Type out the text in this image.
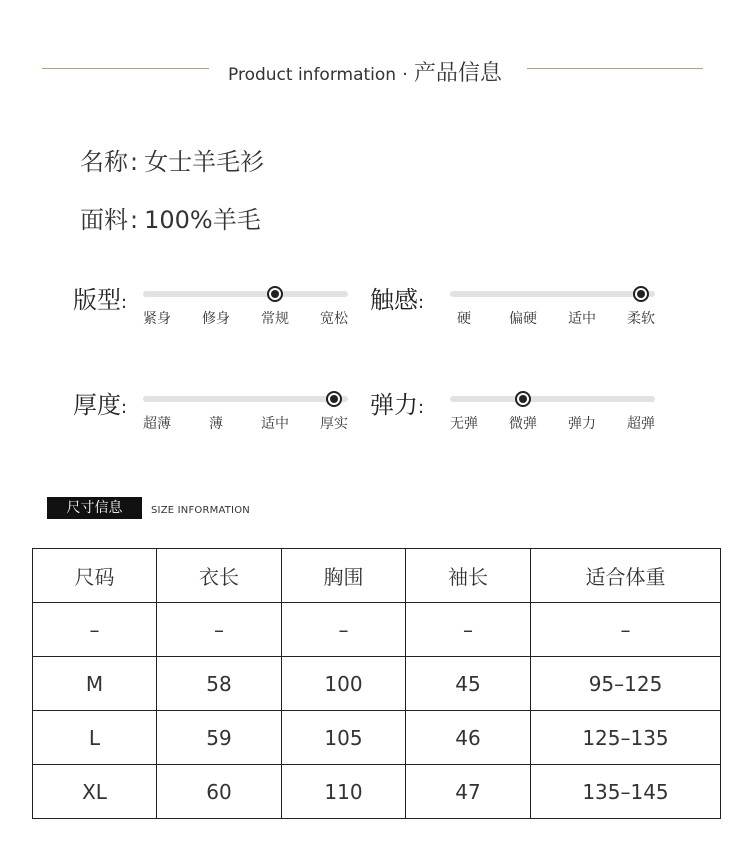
Product information · 产品信息
名称: 女士羊毛衫
面料: 100%羊毛
版型:
紧身 修身 常规 宽松
触感:
硬	偏硬 适中 柔软
厚度:
超薄	薄	适中 厚实
弹力:
无弹 微弹 弹力 超弹
尺寸信息	SIZE INFORMATION
尺码	衣长	胸围	袖长	适合体重
–	–	–	–	–
M	58	100	45	95–125
L	59	105	46	125–135
XL	60	110	47	135–145
